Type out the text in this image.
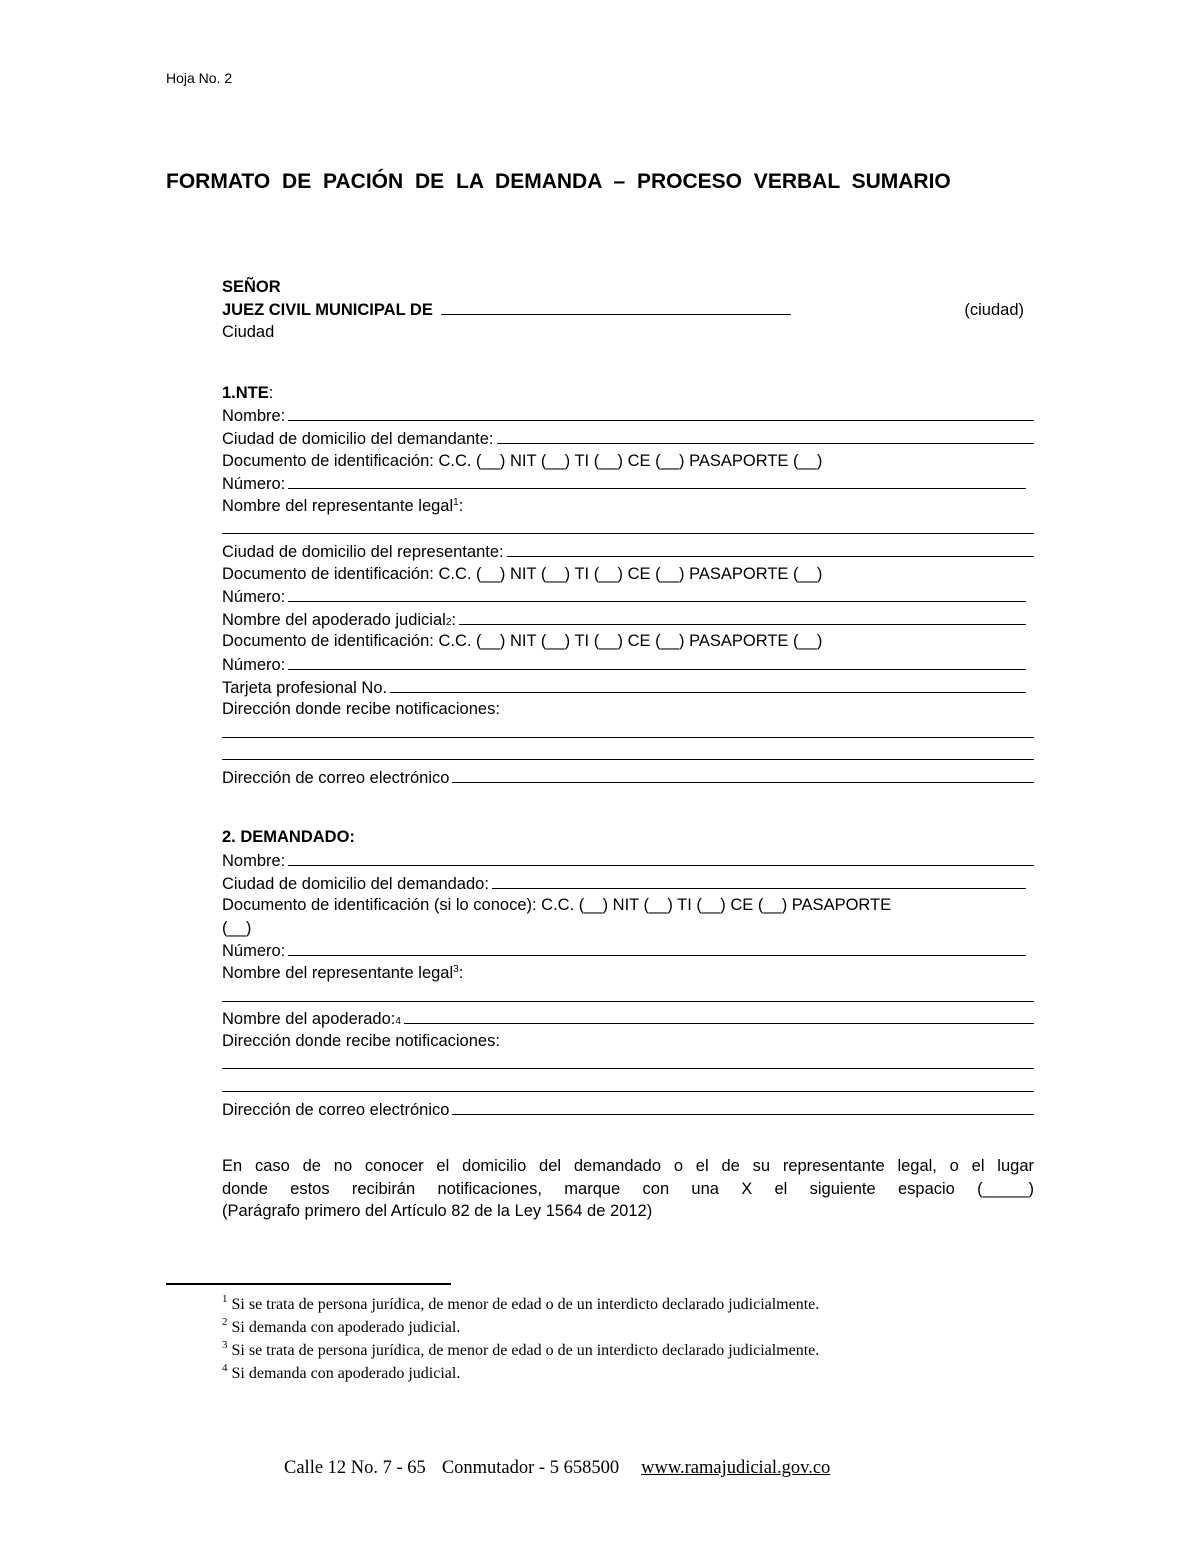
Hoja No. 2
FORMATO DE PACIÓN DE LA DEMANDA – PROCESO VERBAL SUMARIO
SEÑOR
JUEZ CIVIL MUNICIPAL DE	(ciudad)
Ciudad
1.NTE:
Nombre:
Ciudad de domicilio del demandante:
Documento de identificación: C.C. (__) NIT (__) TI (__) CE (__) PASAPORTE (__)
Número:
Nombre del representante legal$^1$:
Ciudad de domicilio del representante:
Documento de identificación: C.C. (__) NIT (__) TI (__) CE (__) PASAPORTE (__)
Número:
Nombre del apoderado judicial 2 :
Documento de identificación: C.C. (__) NIT (__) TI (__) CE (__) PASAPORTE (__)
Número:
Tarjeta profesional No.
Dirección donde recibe notificaciones:
Dirección de correo electrónico
2. DEMANDADO:
Nombre:
Ciudad de domicilio del demandado:
Documento de identificación (si lo conoce): C.C. (__) NIT (__) TI (__) CE (__) PASAPORTE
(__)
Número:
Nombre del representante legal$^3$:
Nombre del apoderado: 4
Dirección donde recibe notificaciones:
Dirección de correo electrónico
En caso de no conocer el domicilio del demandado o el de su representante legal, o el lugar
donde estos recibirán notificaciones, marque con una X el siguiente espacio (_____)
(Parágrafo primero del Artículo 82 de la Ley 1564 de 2012)
$^1$ Si se trata de persona jurídica, de menor de edad o de un interdicto declarado judicialmente.
$^2$ Si demanda con apoderado judicial.
$^3$ Si se trata de persona jurídica, de menor de edad o de un interdicto declarado judicialmente.
$^4$ Si demanda con apoderado judicial.
Calle 12 No. 7 - 65 Conmutador - 5 658500 www.ramajudicial.gov.co
